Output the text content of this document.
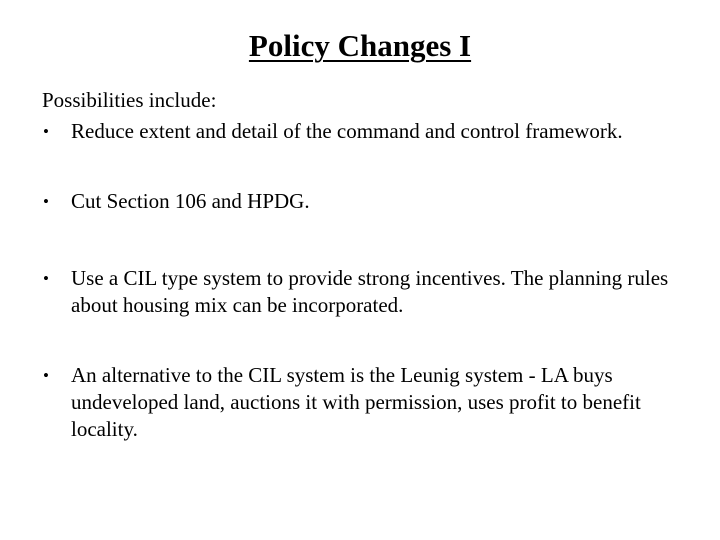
Policy Changes I
Possibilities include:
• Reduce extent and detail of the command and control framework.
• Cut Section 106 and HPDG.
• Use a CIL type system to provide strong incentives. The planning rules about housing mix can be incorporated.
• An alternative to the CIL system is the Leunig system - LA buys undeveloped land, auctions it with permission, uses profit to benefit locality.
